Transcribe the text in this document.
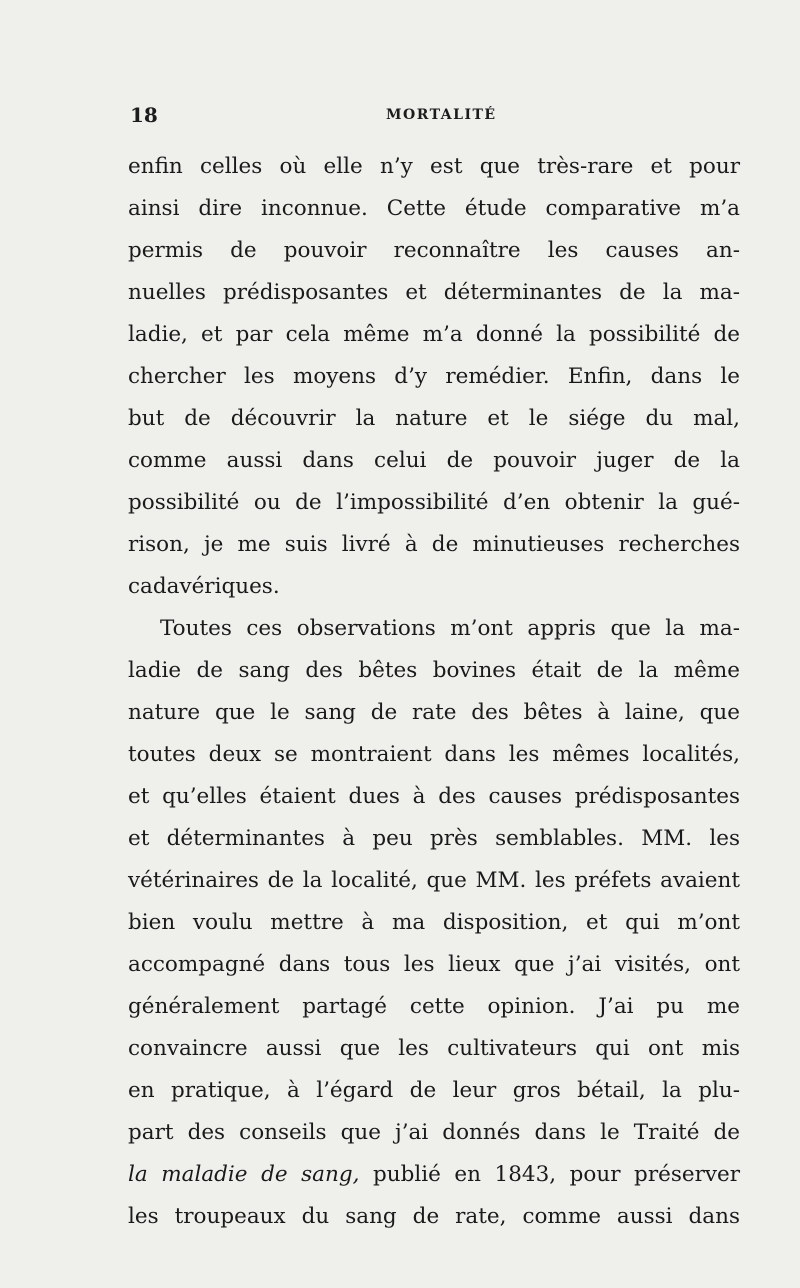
18	MORTALITÉ
enfin celles où elle n’y est que très-rare et pour
ainsi dire inconnue. Cette étude comparative m’a
permis de pouvoir reconnaître les causes an-
nuelles prédisposantes et déterminantes de la ma-
ladie, et par cela même m’a donné la possibilité de
chercher les moyens d’y remédier. Enfin, dans le
but de découvrir la nature et le siége du mal,
comme aussi dans celui de pouvoir juger de la
possibilité ou de l’impossibilité d’en obtenir la gué-
rison, je me suis livré à de minutieuses recherches
cadavériques.
Toutes ces observations m’ont appris que la ma-
ladie de sang des bêtes bovines était de la même
nature que le sang de rate des bêtes à laine, que
toutes deux se montraient dans les mêmes localités,
et qu’elles étaient dues à des causes prédisposantes
et déterminantes à peu près semblables. MM. les
vétérinaires de la localité, que MM. les préfets avaient
bien voulu mettre à ma disposition, et qui m’ont
accompagné dans tous les lieux que j’ai visités, ont
généralement partagé cette opinion. J’ai pu me
convaincre aussi que les cultivateurs qui ont mis
en pratique, à l’égard de leur gros bétail, la plu-
part des conseils que j’ai donnés dans le Traité de
la maladie de sang, publié en 1843, pour préserver
les troupeaux du sang de rate, comme aussi dans
